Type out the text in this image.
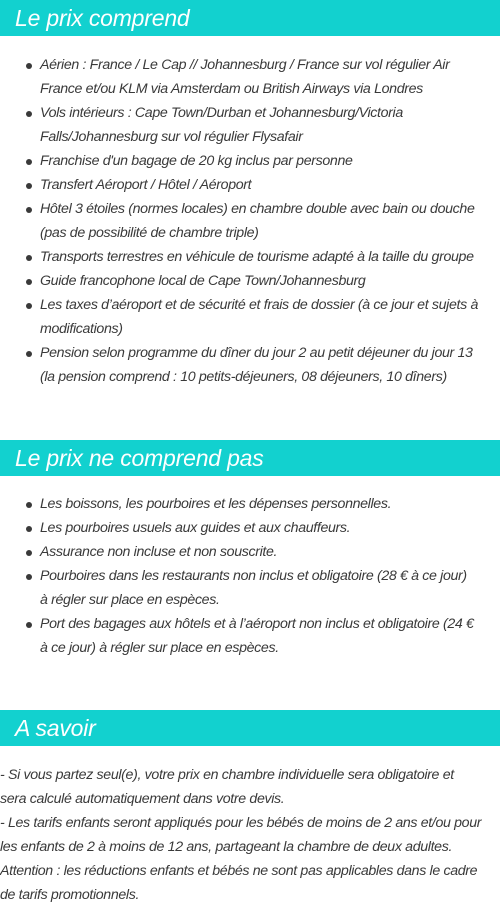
Le prix comprend
Aérien : France / Le Cap // Johannesburg / France sur vol régulier Air
France et/ou KLM via Amsterdam ou British Airways via Londres
Vols intérieurs : Cape Town/Durban et Johannesburg/Victoria
Falls/Johannesburg sur vol régulier Flysafair
Franchise d'un bagage de 20 kg inclus par personne
Transfert Aéroport / Hôtel / Aéroport
Hôtel 3 étoiles (normes locales) en chambre double avec bain ou douche
(pas de possibilité de chambre triple)
Transports terrestres en véhicule de tourisme adapté à la taille du groupe
Guide francophone local de Cape Town/Johannesburg
Les taxes d’aéroport et de sécurité et frais de dossier (à ce jour et sujets à
modifications)
Pension selon programme du dîner du jour 2 au petit déjeuner du jour 13
(la pension comprend : 10 petits-déjeuners, 08 déjeuners, 10 dîners)
Le prix ne comprend pas
Les boissons, les pourboires et les dépenses personnelles.
Les pourboires usuels aux guides et aux chauffeurs.
Assurance non incluse et non souscrite.
Pourboires dans les restaurants non inclus et obligatoire (28 € à ce jour)
à régler sur place en espèces.
Port des bagages aux hôtels et à l’aéroport non inclus et obligatoire (24 €
à ce jour) à régler sur place en espèces.
A savoir
- Si vous partez seul(e), votre prix en chambre individuelle sera obligatoire et
sera calculé automatiquement dans votre devis.
- Les tarifs enfants seront appliqués pour les bébés de moins de 2 ans et/ou pour
les enfants de 2 à moins de 12 ans, partageant la chambre de deux adultes.
Attention : les réductions enfants et bébés ne sont pas applicables dans le cadre
de tarifs promotionnels.
